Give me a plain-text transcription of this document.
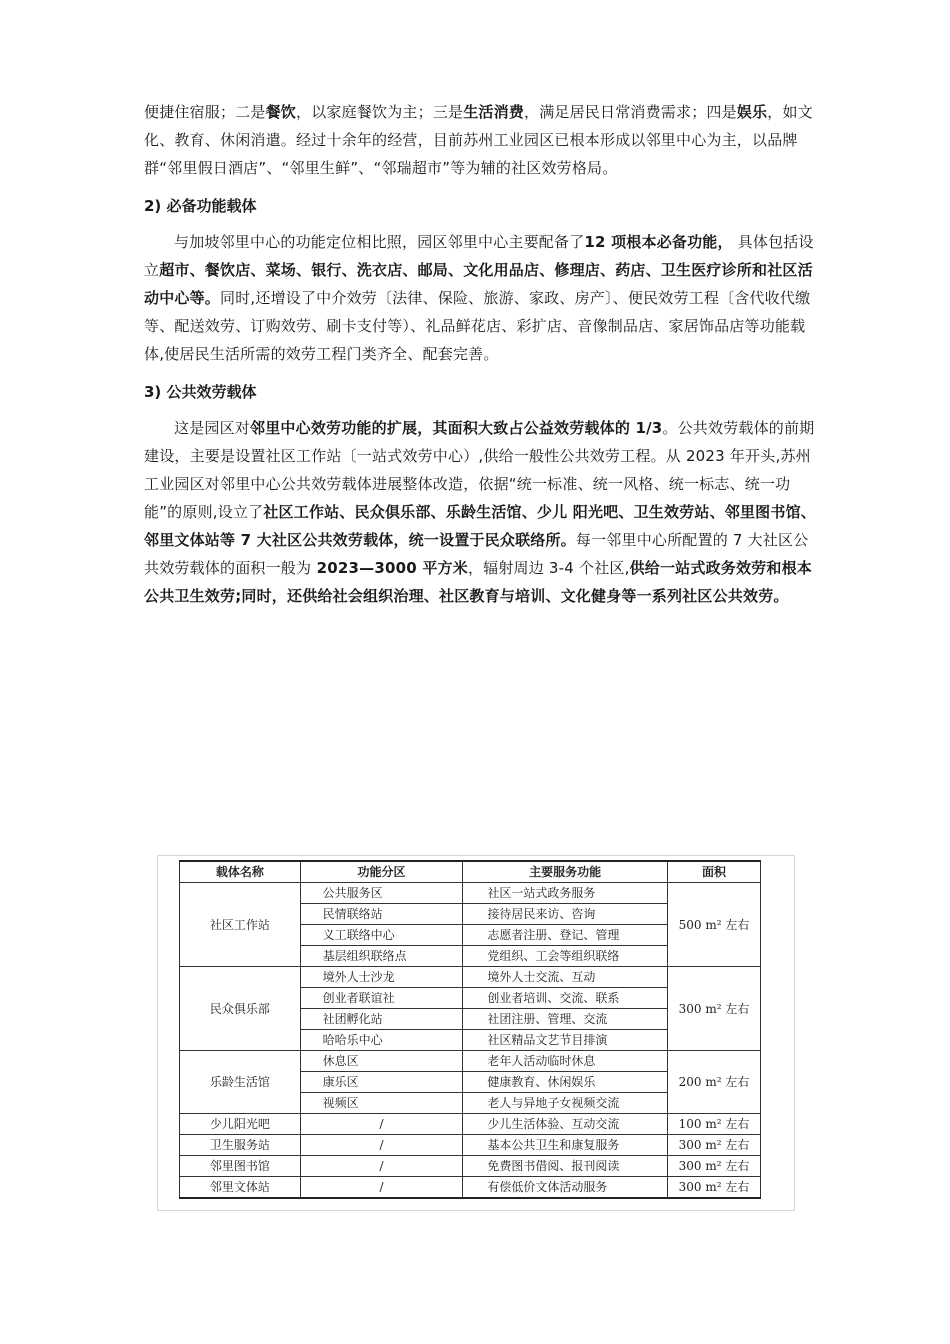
便捷住宿服；二是餐饮，以家庭餐饮为主；三是生活消费，满足居民日常消费需求；四是娱乐，如文化、教育、休闲消遣。经过十余年的经营，目前苏州工业园区已根本形成以邻里中心为主，以品牌群“邻里假日酒店”、“邻里生鲜”、“邻瑞超市”等为辅的社区效劳格局。

2) 必备功能载体

与加坡邻里中心的功能定位相比照，园区邻里中心主要配备了12 项根本必备功能， 具体包括设立超市、餐饮店、菜场、银行、洗衣店、邮局、文化用品店、修理店、药店、卫生医疗诊所和社区活动中心等。同时,还增设了中介效劳〔法律、保险、旅游、家政、房产〕、便民效劳工程〔含代收代缴等、配送效劳、订购效劳、刷卡支付等）、礼品鲜花店、彩扩店、音像制品店、家居饰品店等功能载体,使居民生活所需的效劳工程门类齐全、配套完善。

3) 公共效劳载体

这是园区对邻里中心效劳功能的扩展，其面积大致占公益效劳载体的 1/3。公共效劳载体的前期建设，主要是设置社区工作站〔一站式效劳中心）,供给一般性公共效劳工程。从 2023 年开头,苏州工业园区对邻里中心公共效劳载体进展整体改造，依据“统一标准、统一风格、统一标志、统一功能”的原则,设立了社区工作站、民众俱乐部、乐龄生活馆、少儿 阳光吧、卫生效劳站、邻里图书馆、邻里文体站等 7 大社区公共效劳载体，统一设置于民众联络所。每一邻里中心所配置的 7 大社区公共效劳载体的面积一般为 2023—3000 平方米，辐射周边 3-4 个社区,供给一站式政务效劳和根本公共卫生效劳;同时，还供给社会组织治理、社区教育与培训、文化健身等一系列社区公共效劳。

载体名称	功能分区	主要服务功能	面积
社区工作站	公共服务区	社区一站式政务服务	500 m² 左右
	民情联络站	接待居民来访、咨询	
	义工联络中心	志愿者注册、登记、管理	
	基层组织联络点	党组织、工会等组织联络	
民众俱乐部	境外人士沙龙	境外人士交流、互动	300 m² 左右
	创业者联谊社	创业者培训、交流、联系	
	社团孵化站	社团注册、管理、交流	
	哈哈乐中心	社区精品文艺节目排演	
乐龄生活馆	休息区	老年人活动临时休息	200 m² 左右
	康乐区	健康教育、休闲娱乐	
	视频区	老人与异地子女视频交流	
少儿阳光吧	/	少儿生活体验、互动交流	100 m² 左右
卫生服务站	/	基本公共卫生和康复服务	300 m² 左右
邻里图书馆	/	免费图书借阅、报刊阅读	300 m² 左右
邻里文体站	/	有偿低价文体活动服务	300 m² 左右
